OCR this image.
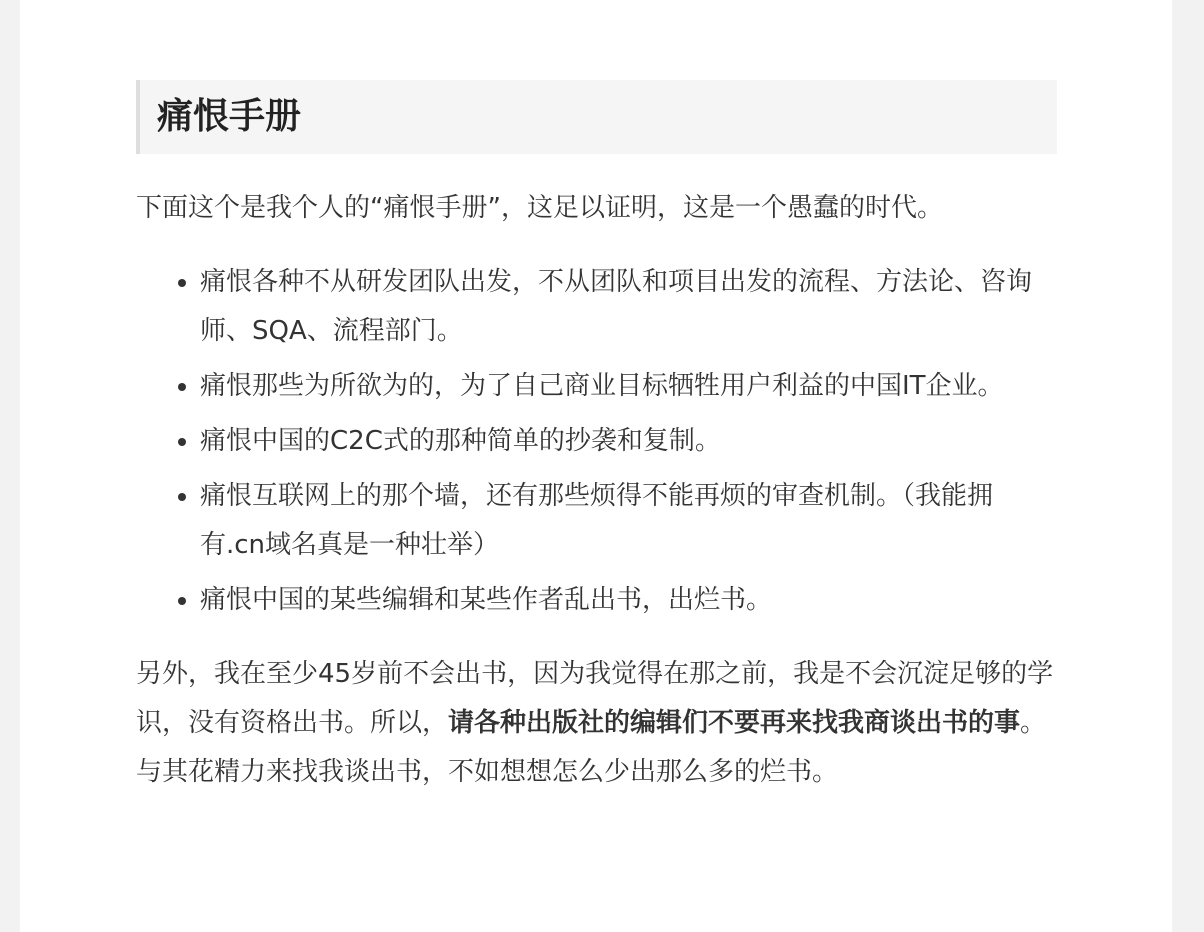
痛恨手册

下面这个是我个人的“痛恨手册”，这足以证明，这是一个愚蠢的时代。

• 痛恨各种不从研发团队出发，不从团队和项目出发的流程、方法论、咨询师、SQA、流程部门。
• 痛恨那些为所欲为的，为了自己商业目标牺牲用户利益的中国IT企业。
• 痛恨中国的C2C式的那种简单的抄袭和复制。
• 痛恨互联网上的那个墙，还有那些烦得不能再烦的审查机制。（我能拥有.cn域名真是一种壮举）
• 痛恨中国的某些编辑和某些作者乱出书，出烂书。

另外，我在至少45岁前不会出书，因为我觉得在那之前，我是不会沉淀足够的学识，没有资格出书。所以，请各种出版社的编辑们不要再来找我商谈出书的事。与其花精力来找我谈出书，不如想想怎么少出那么多的烂书。
